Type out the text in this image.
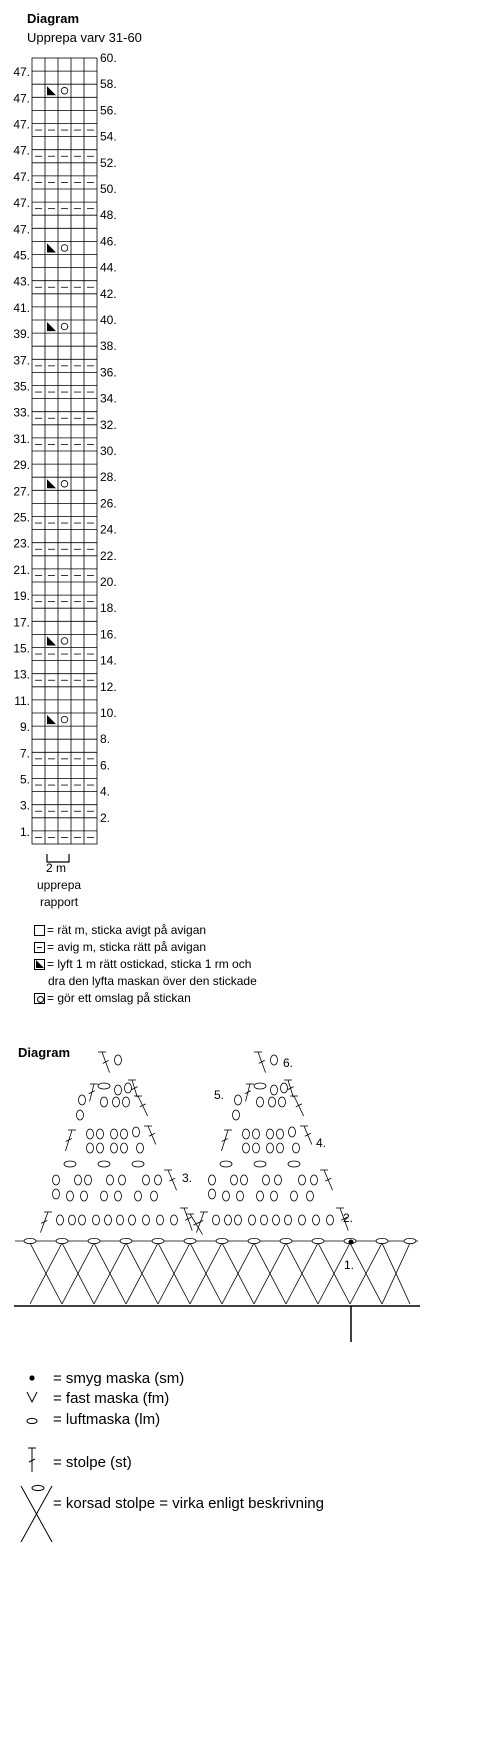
Diagram
Upprepa varv 31-60
47.
60.
47.
58.
47.
56.
47.
54.
47.
52.
47.
50.
47.
48.
45.
46.
43.
44.
41.
42.
39.
40.
37.
38.
35.
36.
33.
34.
31.
32.
29.
30.
27.
28.
25.
26.
23.
24.
21.
22.
19.
20.
17.
18.
15.
16.
13.
14.
11.
12.
9.
10.
7.
8.
5.
6.
3.
4.
1.
2.
2 m
upprepa
rapport
= rät m, sticka avigt på avigan
= avig m, sticka rätt på avigan
= lyft 1 m rätt ostickad, sticka 1 rm och
dra den lyfta maskan över den stickade
= gör ett omslag på stickan
Diagram
1.
2.
3.
4.
5.
6.
= smyg maska (sm)
= fast maska (fm)
= luftmaska (lm)
= stolpe (st)
= korsad stolpe = virka enligt beskrivning
